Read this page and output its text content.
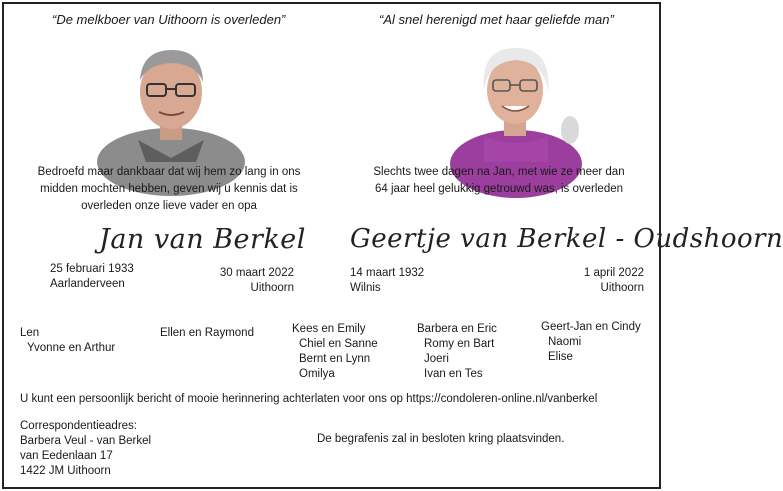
“De melkboer van Uithoorn is overleden”
Bedroefd maar dankbaar dat wij hem zo lang in ons
midden mochten hebben, geven wij u kennis dat is
overleden onze lieve vader en opa
Jan van Berkel
25 februari 1933
Aarlanderveen
30 maart 2022
Uithoorn
“Al snel herenigd met haar geliefde man”
Slechts twee dagen na Jan, met wie ze meer dan
64 jaar heel gelukkig getrouwd was, is overleden
Geertje van Berkel - Oudshoorn
14 maart 1932
Wilnis
1 april 2022
Uithoorn
Len
Yvonne en Arthur
Ellen en Raymond	Kees en Emily
Chiel en Sanne
Bernt en Lynn
Omilya
Barbera en Eric
Romy en Bart
Joeri
Ivan en Tes
Geert-Jan en Cindy
Naomi
Elise
U kunt een persoonlijk bericht of mooie herinnering achterlaten voor ons op https://condoleren-online.nl/vanberkel
Correspondentieadres:
Barbera Veul - van Berkel
van Eedenlaan 17
1422 JM Uithoorn
De begrafenis zal in besloten kring plaatsvinden.
